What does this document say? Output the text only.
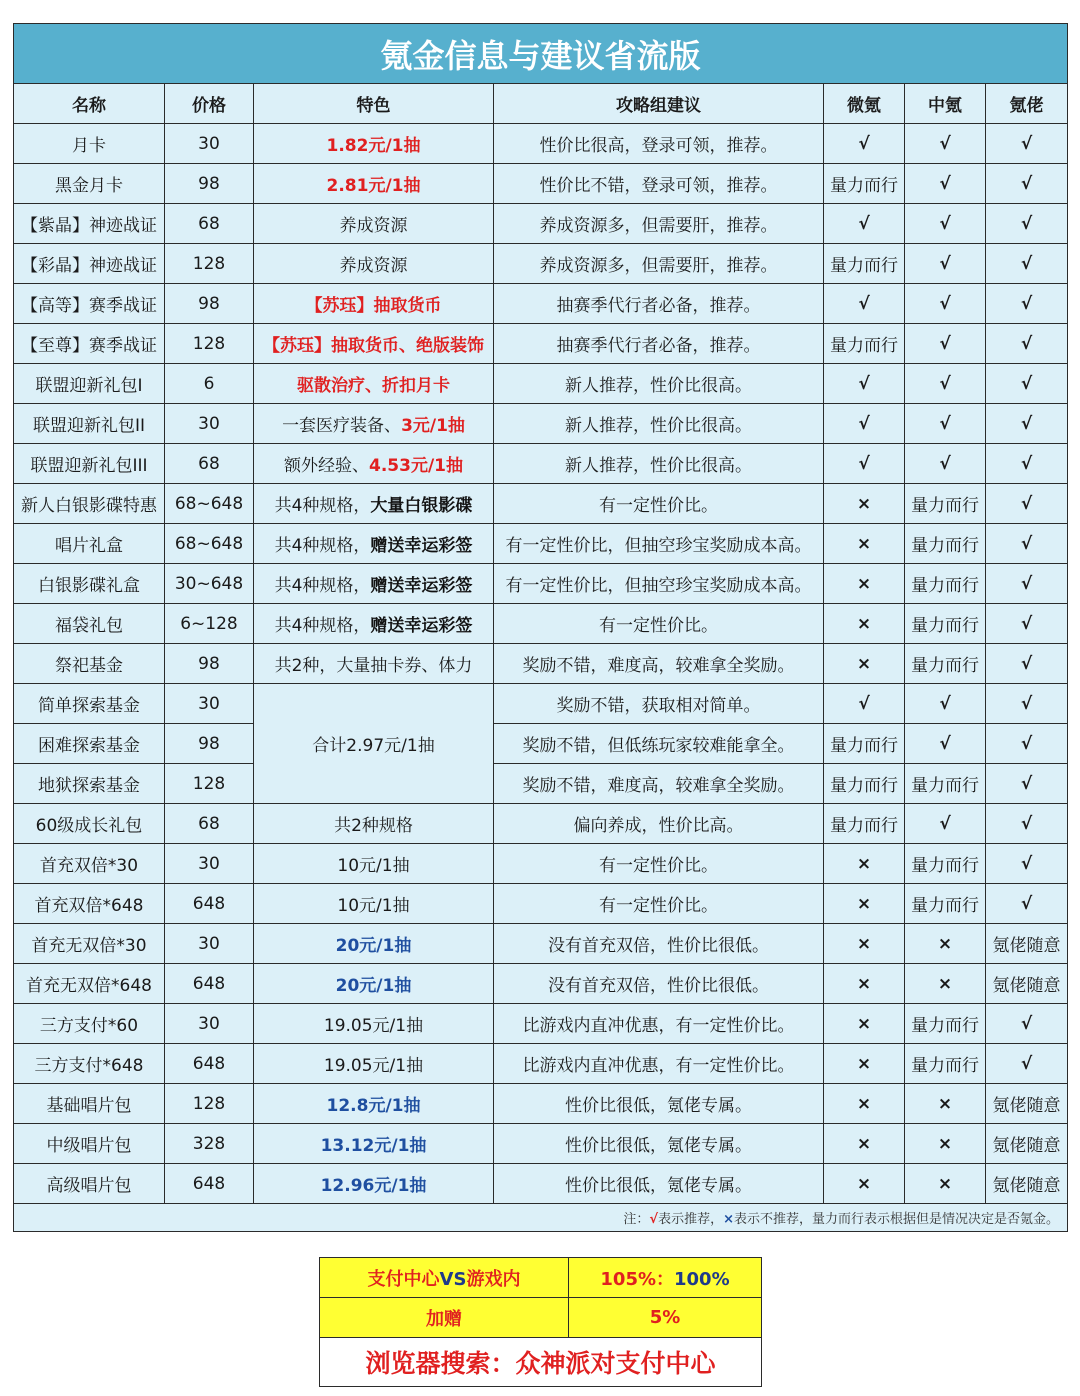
氪金信息与建议省流版						
名称	价格	特色	攻略组建议	微氪	中氪	氪佬
月卡	30	1.82元/1抽	性价比很高，登录可领，推荐。	√	√	√
黑金月卡	98	2.81元/1抽	性价比不错，登录可领，推荐。	量力而行	√	√
【紫晶】神迹战证	68	养成资源	养成资源多，但需要肝，推荐。	√	√	√
【彩晶】神迹战证	128	养成资源	养成资源多，但需要肝，推荐。	量力而行	√	√
【高等】赛季战证	98	【苏珏】抽取货币	抽赛季代行者必备，推荐。	√	√	√
【至尊】赛季战证	128	【苏珏】抽取货币、绝版装饰	抽赛季代行者必备，推荐。	量力而行	√	√
联盟迎新礼包I	6	驱散治疗、折扣月卡	新人推荐，性价比很高。	√	√	√
联盟迎新礼包II	30	一套医疗装备、3元/1抽	新人推荐，性价比很高。	√	√	√
联盟迎新礼包III	68	额外经验、4.53元/1抽	新人推荐，性价比很高。	√	√	√
新人白银影碟特惠	68~648	共4种规格，大量白银影碟	有一定性价比。	×	量力而行	√
唱片礼盒	68~648	共4种规格，赠送幸运彩签	有一定性价比，但抽空珍宝奖励成本高。	×	量力而行	√
白银影碟礼盒	30~648	共4种规格，赠送幸运彩签	有一定性价比，但抽空珍宝奖励成本高。	×	量力而行	√
福袋礼包	6~128	共4种规格，赠送幸运彩签	有一定性价比。	×	量力而行	√
祭祀基金	98	共2种，大量抽卡券、体力	奖励不错，难度高，较难拿全奖励。	×	量力而行	√
简单探索基金	30	合计2.97元/1抽	奖励不错，获取相对简单。	√	√	√
困难探索基金	98		奖励不错，但低练玩家较难能拿全。	量力而行	√	√
地狱探索基金	128		奖励不错，难度高，较难拿全奖励。	量力而行	量力而行	√
60级成长礼包	68	共2种规格	偏向养成，性价比高。	量力而行	√	√
首充双倍*30	30	10元/1抽	有一定性价比。	×	量力而行	√
首充双倍*648	648	10元/1抽	有一定性价比。	×	量力而行	√
首充无双倍*30	30	20元/1抽	没有首充双倍，性价比很低。	×	×	氪佬随意
首充无双倍*648	648	20元/1抽	没有首充双倍，性价比很低。	×	×	氪佬随意
三方支付*60	30	19.05元/1抽	比游戏内直冲优惠，有一定性价比。	×	量力而行	√
三方支付*648	648	19.05元/1抽	比游戏内直冲优惠，有一定性价比。	×	量力而行	√
基础唱片包	128	12.8元/1抽	性价比很低，氪佬专属。	×	×	氪佬随意
中级唱片包	328	13.12元/1抽	性价比很低，氪佬专属。	×	×	氪佬随意
高级唱片包	648	12.96元/1抽	性价比很低，氪佬专属。	×	×	氪佬随意
注：√表示推荐，×表示不推荐，量力而行表示根据但是情况决定是否氪金。						
支付中心VS游戏内	105%：100%
加赠	5%
浏览器搜索：众神派对支付中心	
